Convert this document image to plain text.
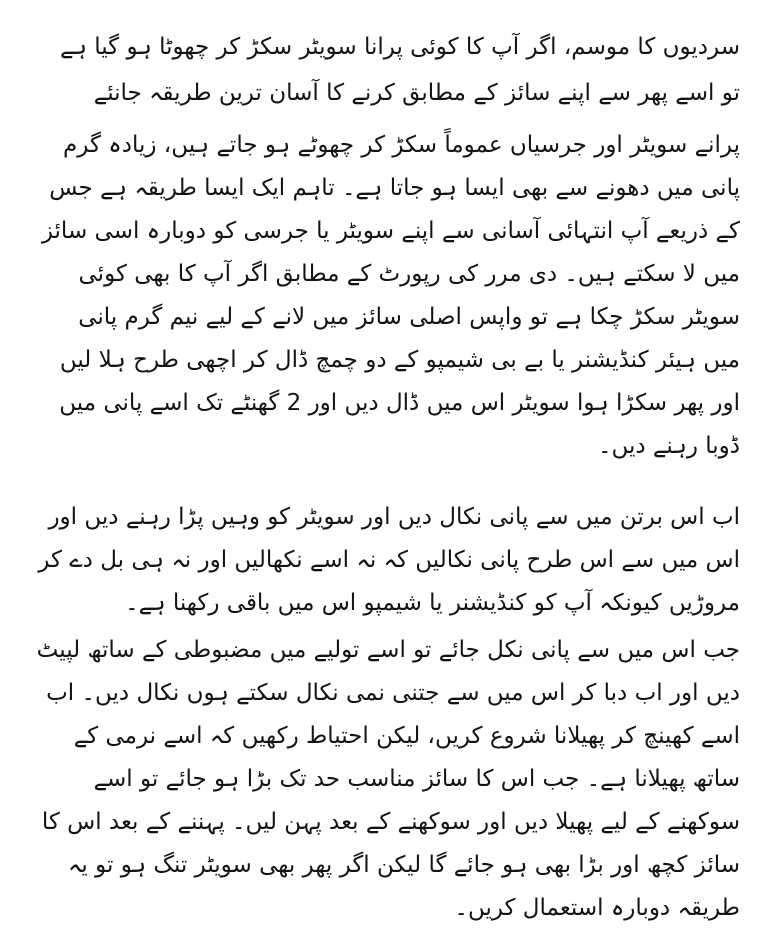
سردیوں کا موسم، اگر آپ کا کوئی پرانا سویٹر سکڑ کر چھوٹا ہو گیا ہے تو اسے پھر سے اپنے سائز کے مطابق کرنے کا آسان ترین طریقہ جانئے

پرانے سویٹر اور جرسیاں عموماً سکڑ کر چھوٹے ہو جاتے ہیں، زیادہ گرم پانی میں دھونے سے بھی ایسا ہو جاتا ہے۔ تاہم ایک ایسا طریقہ ہے جس کے ذریعے آپ انتہائی آسانی سے اپنے سویٹر یا جرسی کو دوبارہ اسی سائز میں لا سکتے ہیں۔ دی مرر کی رپورٹ کے مطابق اگر آپ کا بھی کوئی سویٹر سکڑ چکا ہے تو واپس اصلی سائز میں لانے کے لیے نیم گرم پانی میں ہیئر کنڈیشنر یا بے بی شیمپو کے دو چمچ ڈال کر اچھی طرح ہلا لیں اور پھر سکڑا ہوا سویٹر اس میں ڈال دیں اور 2 گھنٹے تک اسے پانی میں ڈوبا رہنے دیں۔

اب اس برتن میں سے پانی نکال دیں اور سویٹر کو وہیں پڑا رہنے دیں اور اس میں سے اس طرح پانی نکالیں کہ نہ اسے نکھالیں اور نہ ہی بل دے کر مروڑیں کیونکہ آپ کو کنڈیشنر یا شیمپو اس میں باقی رکھنا ہے۔

جب اس میں سے پانی نکل جائے تو اسے تولیے میں مضبوطی کے ساتھ لپیٹ دیں اور اب دبا کر اس میں سے جتنی نمی نکال سکتے ہوں نکال دیں۔ اب اسے کھینچ کر پھیلانا شروع کریں، لیکن احتیاط رکھیں کہ اسے نرمی کے ساتھ پھیلانا ہے۔ جب اس کا سائز مناسب حد تک بڑا ہو جائے تو اسے سوکھنے کے لیے پھیلا دیں اور سوکھنے کے بعد پہن لیں۔ پہننے کے بعد اس کا سائز کچھ اور بڑا بھی ہو جائے گا لیکن اگر پھر بھی سویٹر تنگ ہو تو یہ طریقہ دوبارہ استعمال کریں۔
